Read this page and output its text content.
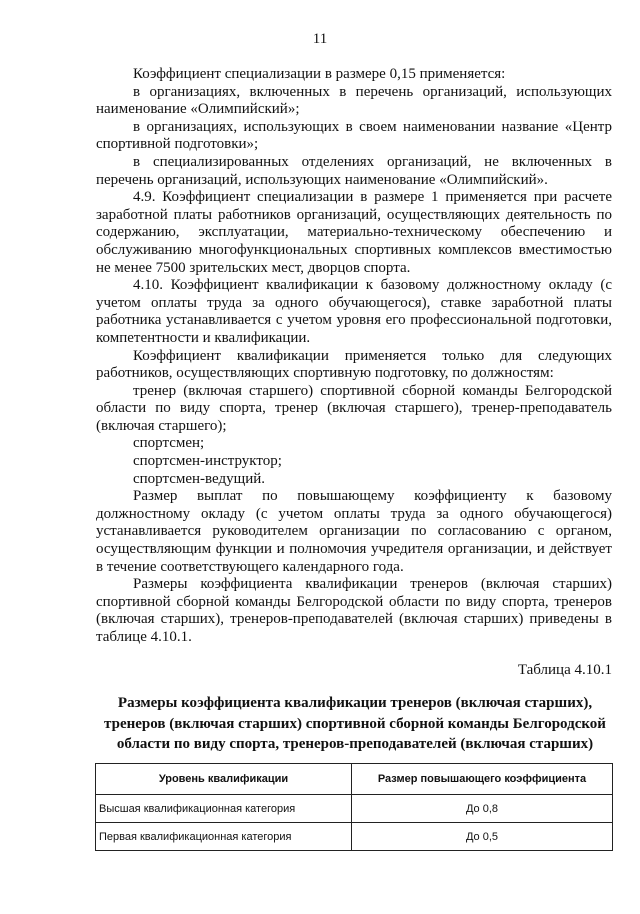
11

Коэффициент специализации в размере 0,15 применяется:

в организациях, включенных в перечень организаций, использующих наименование «Олимпийский»;

в организациях, использующих в своем наименовании название «Центр спортивной подготовки»;

в специализированных отделениях организаций, не включенных в перечень организаций, использующих наименование «Олимпийский».

4.9. Коэффициент специализации в размере 1 применяется при расчете заработной платы работников организаций, осуществляющих деятельность по содержанию, эксплуатации, материально-техническому обеспечению и обслуживанию многофункциональных спортивных комплексов вместимостью не менее 7500 зрительских мест, дворцов спорта.

4.10. Коэффициент квалификации к базовому должностному окладу (с учетом оплаты труда за одного обучающегося), ставке заработной платы работника устанавливается с учетом уровня его профессиональной подготовки, компетентности и квалификации.

Коэффициент квалификации применяется только для следующих работников, осуществляющих спортивную подготовку, по должностям:

тренер (включая старшего) спортивной сборной команды Белгородской области по виду спорта, тренер (включая старшего), тренер-преподаватель (включая старшего);

спортсмен;

спортсмен-инструктор;

спортсмен-ведущий.

Размер выплат по повышающему коэффициенту к базовому должностному окладу (с учетом оплаты труда за одного обучающегося) устанавливается руководителем организации по согласованию с органом, осуществляющим функции и полномочия учредителя организации, и действует в течение соответствующего календарного года.

Размеры коэффициента квалификации тренеров (включая старших) спортивной сборной команды Белгородской области по виду спорта, тренеров (включая старших), тренеров-преподавателей (включая старших) приведены в таблице 4.10.1.

Таблица 4.10.1
Размеры коэффициента квалификации тренеров (включая старших), тренеров (включая старших) спортивной сборной команды Белгородской области по виду спорта, тренеров-преподавателей (включая старших)
Уровень квалификации	Размер повышающего коэффициента
Высшая квалификационная категория	До 0,8
Первая квалификационная категория	До 0,5
